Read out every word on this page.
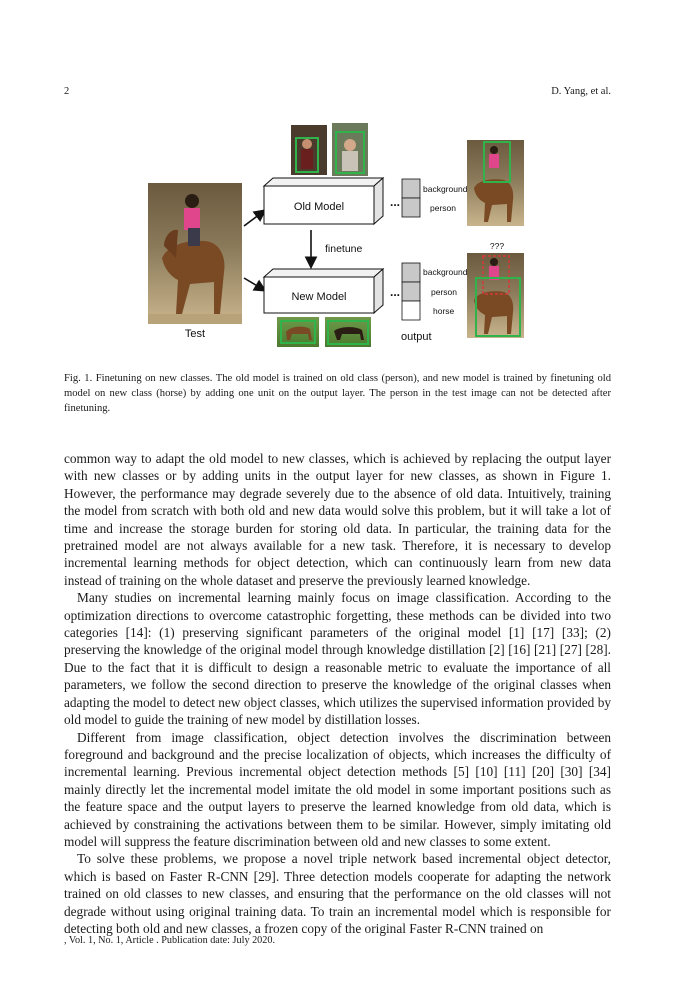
2	D. Yang, et al.
Test
Old Model
finetune
New Model
...
...
background
person
background
person
horse
output
???
Fig. 1. Finetuning on new classes. The old model is trained on old class (person), and new model is trained by finetuning old model on new class (horse) by adding one unit on the output layer. The person in the test image can not be detected after finetuning.

common way to adapt the old model to new classes, which is achieved by replacing the output layer with new classes or by adding units in the output layer for new classes, as shown in Figure 1. However, the performance may degrade severely due to the absence of old data. Intuitively, training the model from scratch with both old and new data would solve this problem, but it will take a lot of time and increase the storage burden for storing old data. In particular, the training data for the pretrained model are not always available for a new task. Therefore, it is necessary to develop incremental learning methods for object detection, which can continuously learn from new data instead of training on the whole dataset and preserve the previously learned knowledge.

Many studies on incremental learning mainly focus on image classification. According to the optimization directions to overcome catastrophic forgetting, these methods can be divided into two categories [14]: (1) preserving significant parameters of the original model [1] [17] [33]; (2) preserving the knowledge of the original model through knowledge distillation [2] [16] [21] [27] [28]. Due to the fact that it is difficult to design a reasonable metric to evaluate the importance of all parameters, we follow the second direction to preserve the knowledge of the original classes when adapting the model to detect new object classes, which utilizes the supervised information provided by old model to guide the training of new model by distillation losses.

Different from image classification, object detection involves the discrimination between foreground and background and the precise localization of objects, which increases the difficulty of incremental learning. Previous incremental object detection methods [5] [10] [11] [20] [30] [34] mainly directly let the incremental model imitate the old model in some important positions such as the feature space and the output layers to preserve the learned knowledge from old data, which is achieved by constraining the activations between them to be similar. However, simply imitating old model will suppress the feature discrimination between old and new classes to some extent.

To solve these problems, we propose a novel triple network based incremental object detector, which is based on Faster R-CNN [29]. Three detection models cooperate for adapting the network trained on old classes to new classes, and ensuring that the performance on the old classes will not degrade without using original training data. To train an incremental model which is responsible for detecting both old and new classes, a frozen copy of the original Faster R-CNN trained on

, Vol. 1, No. 1, Article . Publication date: July 2020.
